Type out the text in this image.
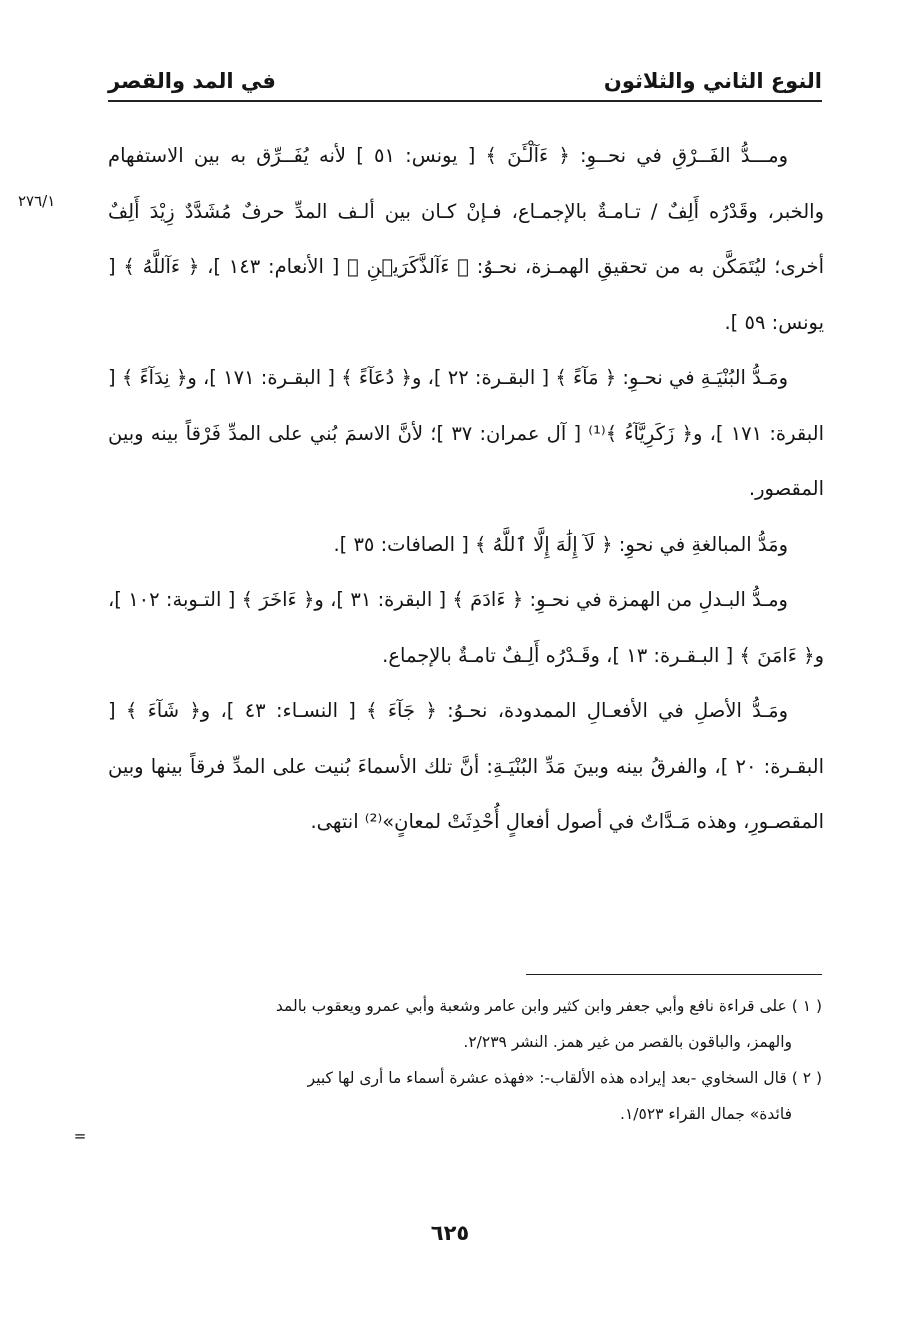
النوع الثاني والثلاثون
في المد والقصر
٢٧٦/١

ومـــدُّ الفَــرْقِ في نحــوِ: ﴿ ءَآلْـَٔنَ ﴾ [ يونس: ٥١ ] لأنه يُفَــرِّق به بين الاستفهام والخبر، وقَدْرُه أَلِفٌ / تـامـةٌ بالإجمـاع، فـإنْ كـان بين ألـف المدِّ حرفٌ مُشَدَّدٌ زِيْدَ أَلِفٌ أخرى؛ ليُتَمَكَّن به من تحقيقِ الهمـزة، نحـوُ: ﴿ ءَآلذَّكَرَيۡنِ ﴾ [ الأنعام: ١٤٣ ]، ﴿ ءَآللَّهُ ﴾ [ يونس: ٥٩ ].

ومَـدُّ البُنْيَـةِ في نحـوِ: ﴿ مَآءً ﴾ [ البقـرة: ٢٢ ]، و﴿ دُعَآءً ﴾ [ البقـرة: ١٧١ ]، و﴿ نِدَآءً ﴾ [ البقرة: ١٧١ ]، و﴿ زَكَرِيَّآءُ ﴾⁽¹⁾ [ آل عمران: ٣٧ ]؛ لأنَّ الاسمَ بُني على المدِّ فَرْقاً بينه وبين المقصور.

ومَدُّ المبالغةِ في نحوِ: ﴿ لَآ إِلَٰهَ إِلَّا ٱللَّهُ ﴾ [ الصافات: ٣٥ ].

ومـدُّ البـدلِ من الهمزة في نحـوِ: ﴿ ءَادَمَ ﴾ [ البقرة: ٣١ ]، و﴿ ءَاخَرَ ﴾ [ التـوبة: ١٠٢ ]، و﴿ ءَامَنَ ﴾ [ البـقـرة: ١٣ ]، وقَـدْرُه أَلِـفٌ تامـةٌ بالإجماع.

ومَـدُّ الأصلِ في الأفعـالِ الممدودة، نحـوُ: ﴿ جَآءَ ﴾ [ النسـاء: ٤٣ ]، و﴿ شَآءَ ﴾ [ البقـرة: ٢٠ ]، والفرقُ بينه وبينَ مَدِّ البُنْيَـةِ: أنَّ تلك الأسماءَ بُنيت على المدِّ فرقاً بينها وبين المقصـورِ، وهذه مَـدَّاتٌ في أصول أفعالٍ أُحْدِثَتْ لمعانٍ»⁽²⁾ انتهى.

( ١ ) على قراءة نافع وأبي جعفر وابن كثير وابن عامر وشعبة وأبي عمرو ويعقوب بالمد

والهمز، والباقون بالقصر من غير همز. النشر ٢/٢٣٩.

( ٢ ) قال السخاوي -بعد إيراده هذه الألقاب-: «فهذه عشرة أسماء ما أرى لها كبير

فائدة» جمال القراء ١/٥٢٣.

=
٦٢٥
